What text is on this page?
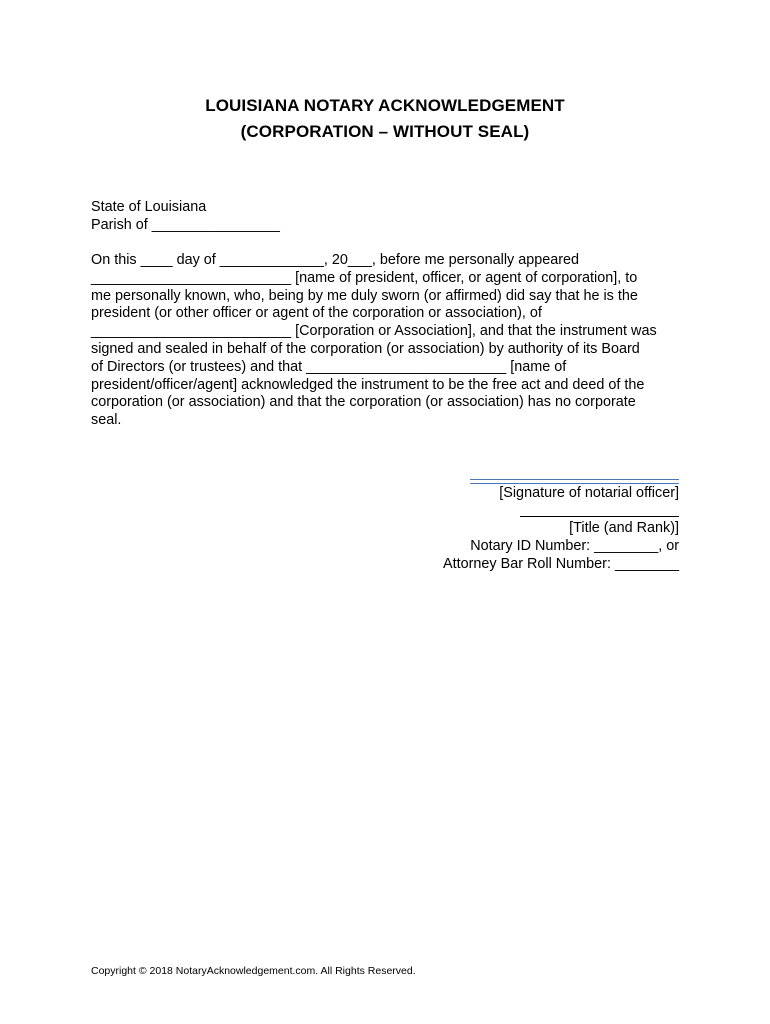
LOUISIANA NOTARY ACKNOWLEDGEMENT
(CORPORATION – WITHOUT SEAL)
State of Louisiana
Parish of ________________
On this ____ day of _____________, 20___, before me personally appeared
_________________________ [name of president, officer, or agent of corporation], to
me personally known, who, being by me duly sworn (or affirmed) did say that he is the
president (or other officer or agent of the corporation or association), of
_________________________ [Corporation or Association], and that the instrument was
signed and sealed in behalf of the corporation (or association) by authority of its Board
of Directors (or trustees) and that _________________________ [name of
president/officer/agent] acknowledged the instrument to be the free act and deed of the
corporation (or association) and that the corporation (or association) has no corporate
seal.
[Signature of notarial officer]
[Title (and Rank)]
Notary ID Number: ________, or
Attorney Bar Roll Number: ________
Copyright © 2018 NotaryAcknowledgement.com. All Rights Reserved.
